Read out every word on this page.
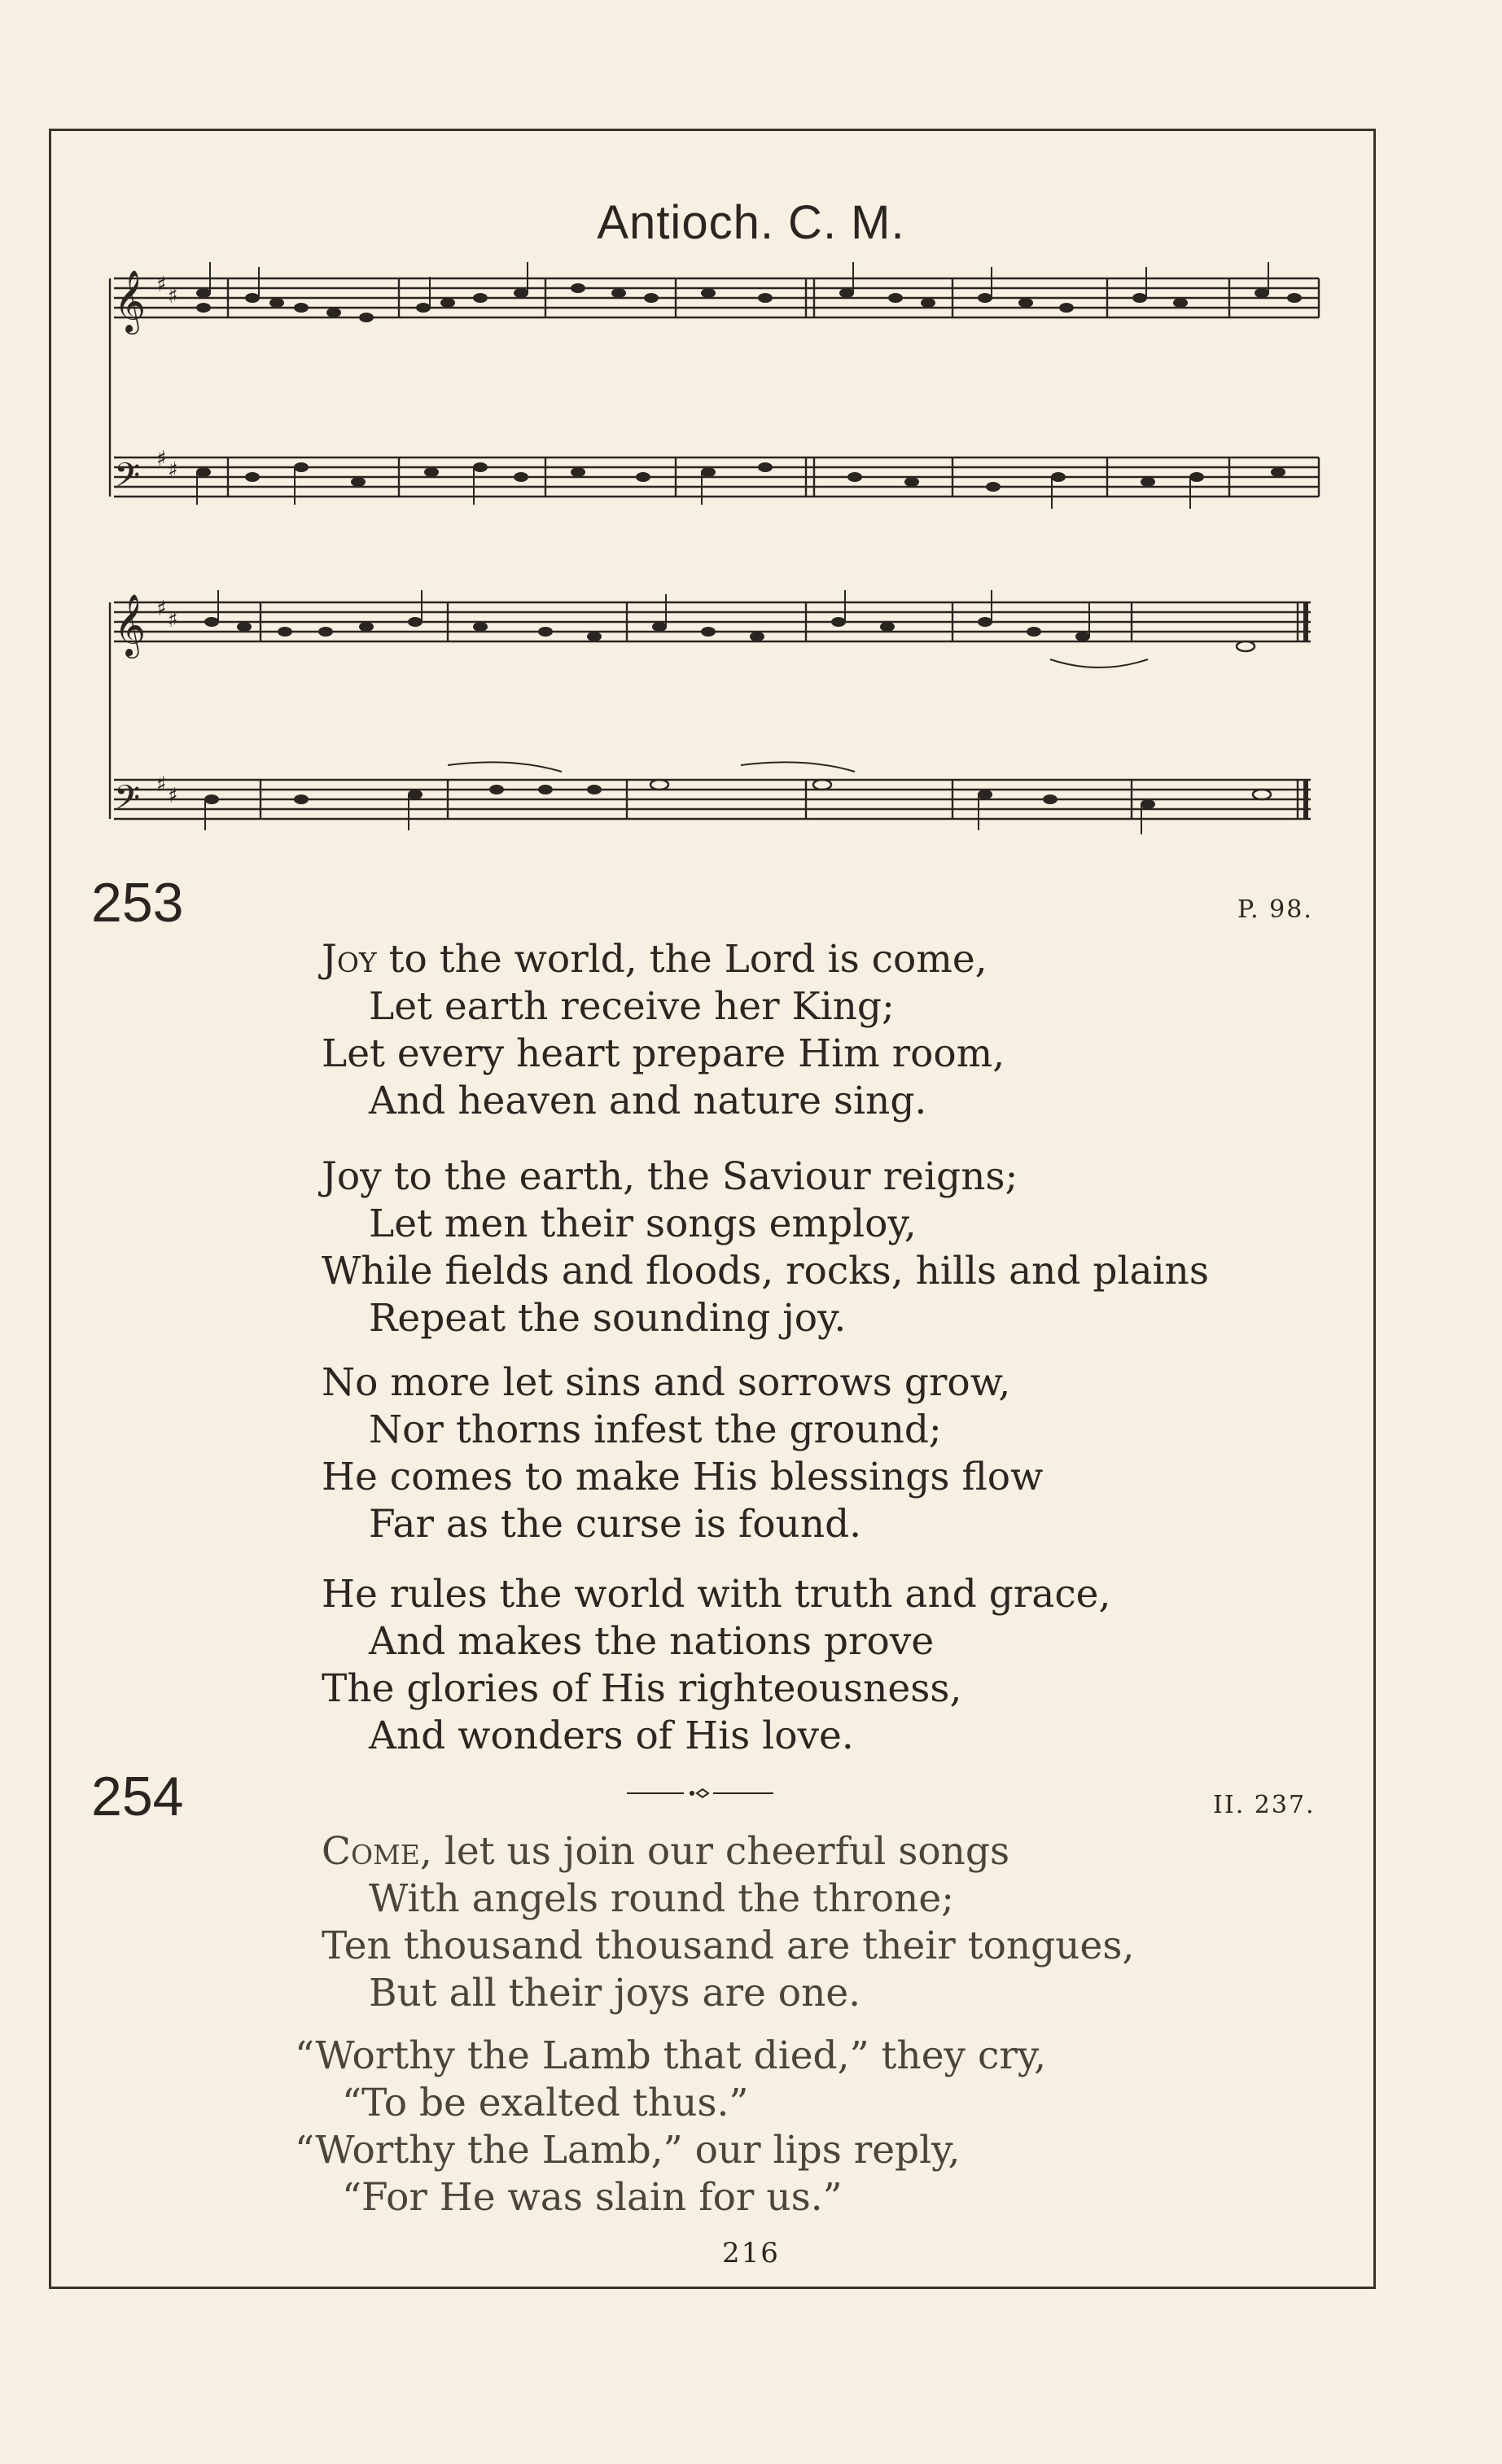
Antioch. C. M.
𝄞
𝄢
𝄞
𝄢
♯ ♯
♯ ♯
♯ ♯
♯ ♯
253	P. 98.
Joy to the world, the Lord is come,
Let earth receive her King;
Let every heart prepare Him room,
And heaven and nature sing.
Joy to the earth, the Saviour reigns;
Let men their songs employ,
While fields and floods, rocks, hills and plains
Repeat the sounding joy.
No more let sins and sorrows grow,
Nor thorns infest the ground;
He comes to make His blessings flow
Far as the curse is found.
He rules the world with truth and grace,
And makes the nations prove
The glories of His righteousness,
And wonders of His love.
254	II. 237.
Come, let us join our cheerful songs
With angels round the throne;
Ten thousand thousand are their tongues,
But all their joys are one.
“Worthy the Lamb that died,” they cry,
“To be exalted thus.”
“Worthy the Lamb,” our lips reply,
“For He was slain for us.”
216
